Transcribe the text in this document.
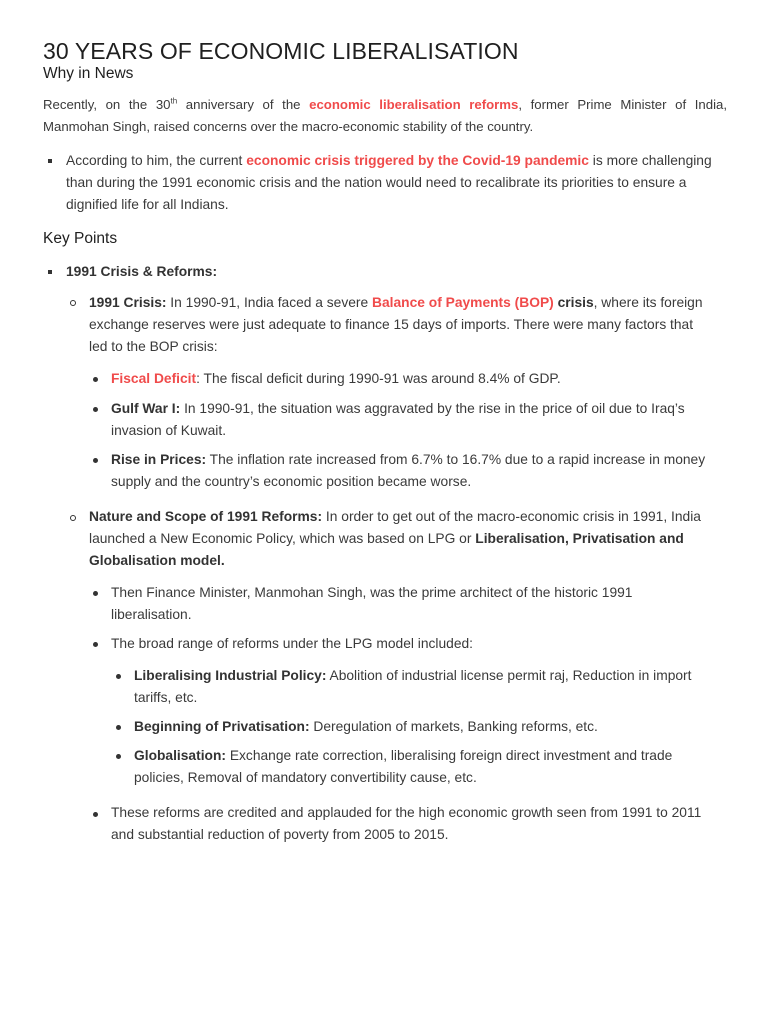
30 YEARS OF ECONOMIC LIBERALISATION
Why in News

Recently, on the 30th anniversary of the economic liberalisation reforms, former Prime Minister of India, Manmohan Singh, raised concerns over the macro-economic stability of the country.

According to him, the current economic crisis triggered by the Covid-19 pandemic is more challenging than during the 1991 economic crisis and the nation would need to recalibrate its priorities to ensure a dignified life for all Indians.

Key Points

1991 Crisis & Reforms:

1991 Crisis: In 1990-91, India faced a severe Balance of Payments (BOP) crisis, where its foreign exchange reserves were just adequate to finance 15 days of imports. There were many factors that led to the BOP crisis:

Fiscal Deficit: The fiscal deficit during 1990-91 was around 8.4% of GDP.

Gulf War I: In 1990-91, the situation was aggravated by the rise in the price of oil due to Iraq’s invasion of Kuwait.

Rise in Prices: The inflation rate increased from 6.7% to 16.7% due to a rapid increase in money supply and the country’s economic position became worse.

Nature and Scope of 1991 Reforms: In order to get out of the macro-economic crisis in 1991, India launched a New Economic Policy, which was based on LPG or Liberalisation, Privatisation and Globalisation model.

Then Finance Minister, Manmohan Singh, was the prime architect of the historic 1991 liberalisation.

The broad range of reforms under the LPG model included:

Liberalising Industrial Policy: Abolition of industrial license permit raj, Reduction in import tariffs, etc.

Beginning of Privatisation: Deregulation of markets, Banking reforms, etc.

Globalisation: Exchange rate correction, liberalising foreign direct investment and trade policies, Removal of mandatory convertibility cause, etc.

These reforms are credited and applauded for the high economic growth seen from 1991 to 2011 and substantial reduction of poverty from 2005 to 2015.
